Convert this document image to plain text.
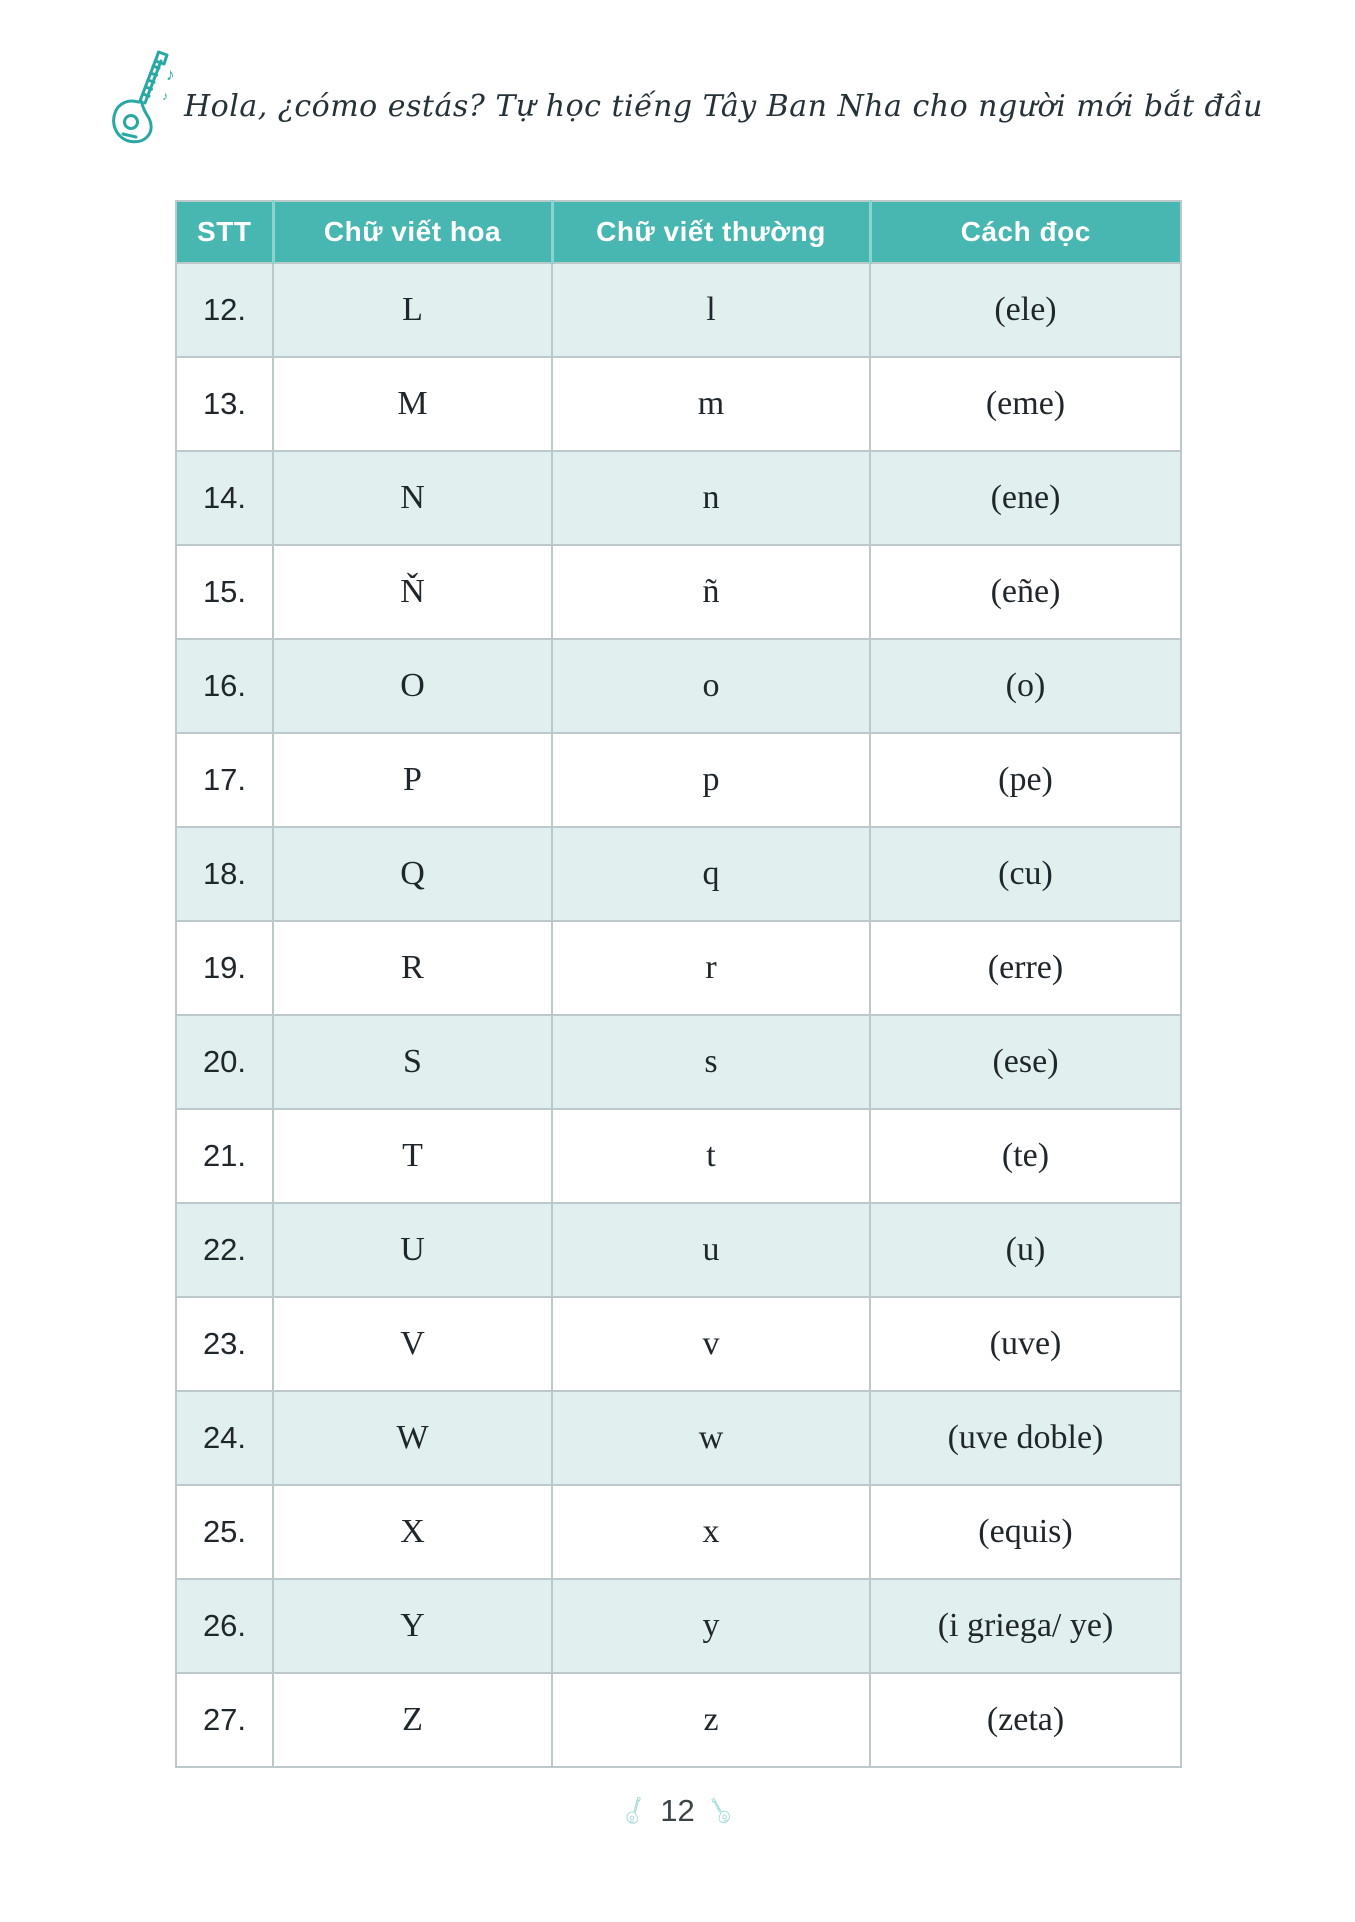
♪
♪ Hola, ¿cómo estás? Tự học tiếng Tây Ban Nha cho người mới bắt đầu
STT	Chữ viết hoa	Chữ viết thường	Cách đọc
12.	L	l	(ele)
13.	M	m	(eme)
14.	N	n	(ene)
15.	Ň	ñ	(eñe)
16.	O	o	(o)
17.	P	p	(pe)
18.	Q	q	(cu)
19.	R	r	(erre)
20.	S	s	(ese)
21.	T	t	(te)
22.	U	u	(u)
23.	V	v	(uve)
24.	W	w	(uve doble)
25.	X	x	(equis)
26.	Y	y	(i griega/ ye)
27.	Z	z	(zeta)
12
